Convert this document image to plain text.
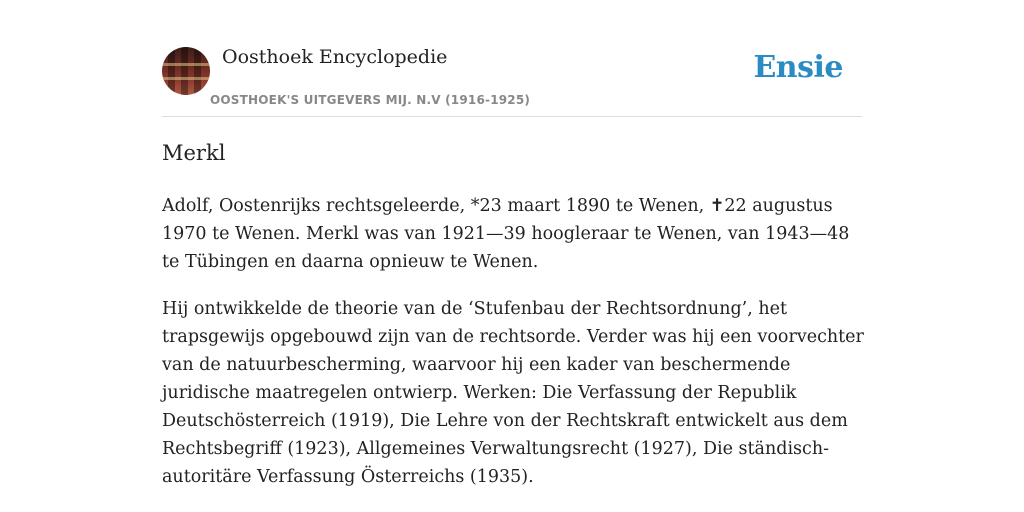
Oosthoek Encyclopedie
OOSTHOEK'S UITGEVERS MIJ. N.V (1916-1925)
Ensie
Merkl

Adolf, Oostenrijks rechtsgeleerde, *23 maart 1890 te Wenen, ✝22 augustus 1970 te Wenen. Merkl was van 1921—39 hoogleraar te Wenen, van 1943—48 te Tübingen en daarna opnieuw te Wenen.

Hij ontwikkelde de theorie van de ‘Stufenbau der Rechtsordnung’, het trapsgewijs opgebouwd zijn van de rechtsorde. Verder was hij een voorvechter van de natuurbescherming, waarvoor hij een kader van beschermende juridische maatregelen ontwierp. Werken: Die Verfassung der Republik Deutschösterreich (1919), Die Lehre von der Rechtskraft entwickelt aus dem Rechtsbegriff (1923), Allgemeines Verwaltungsrecht (1927), Die ständisch-autoritäre Verfassung Österreichs (1935).
